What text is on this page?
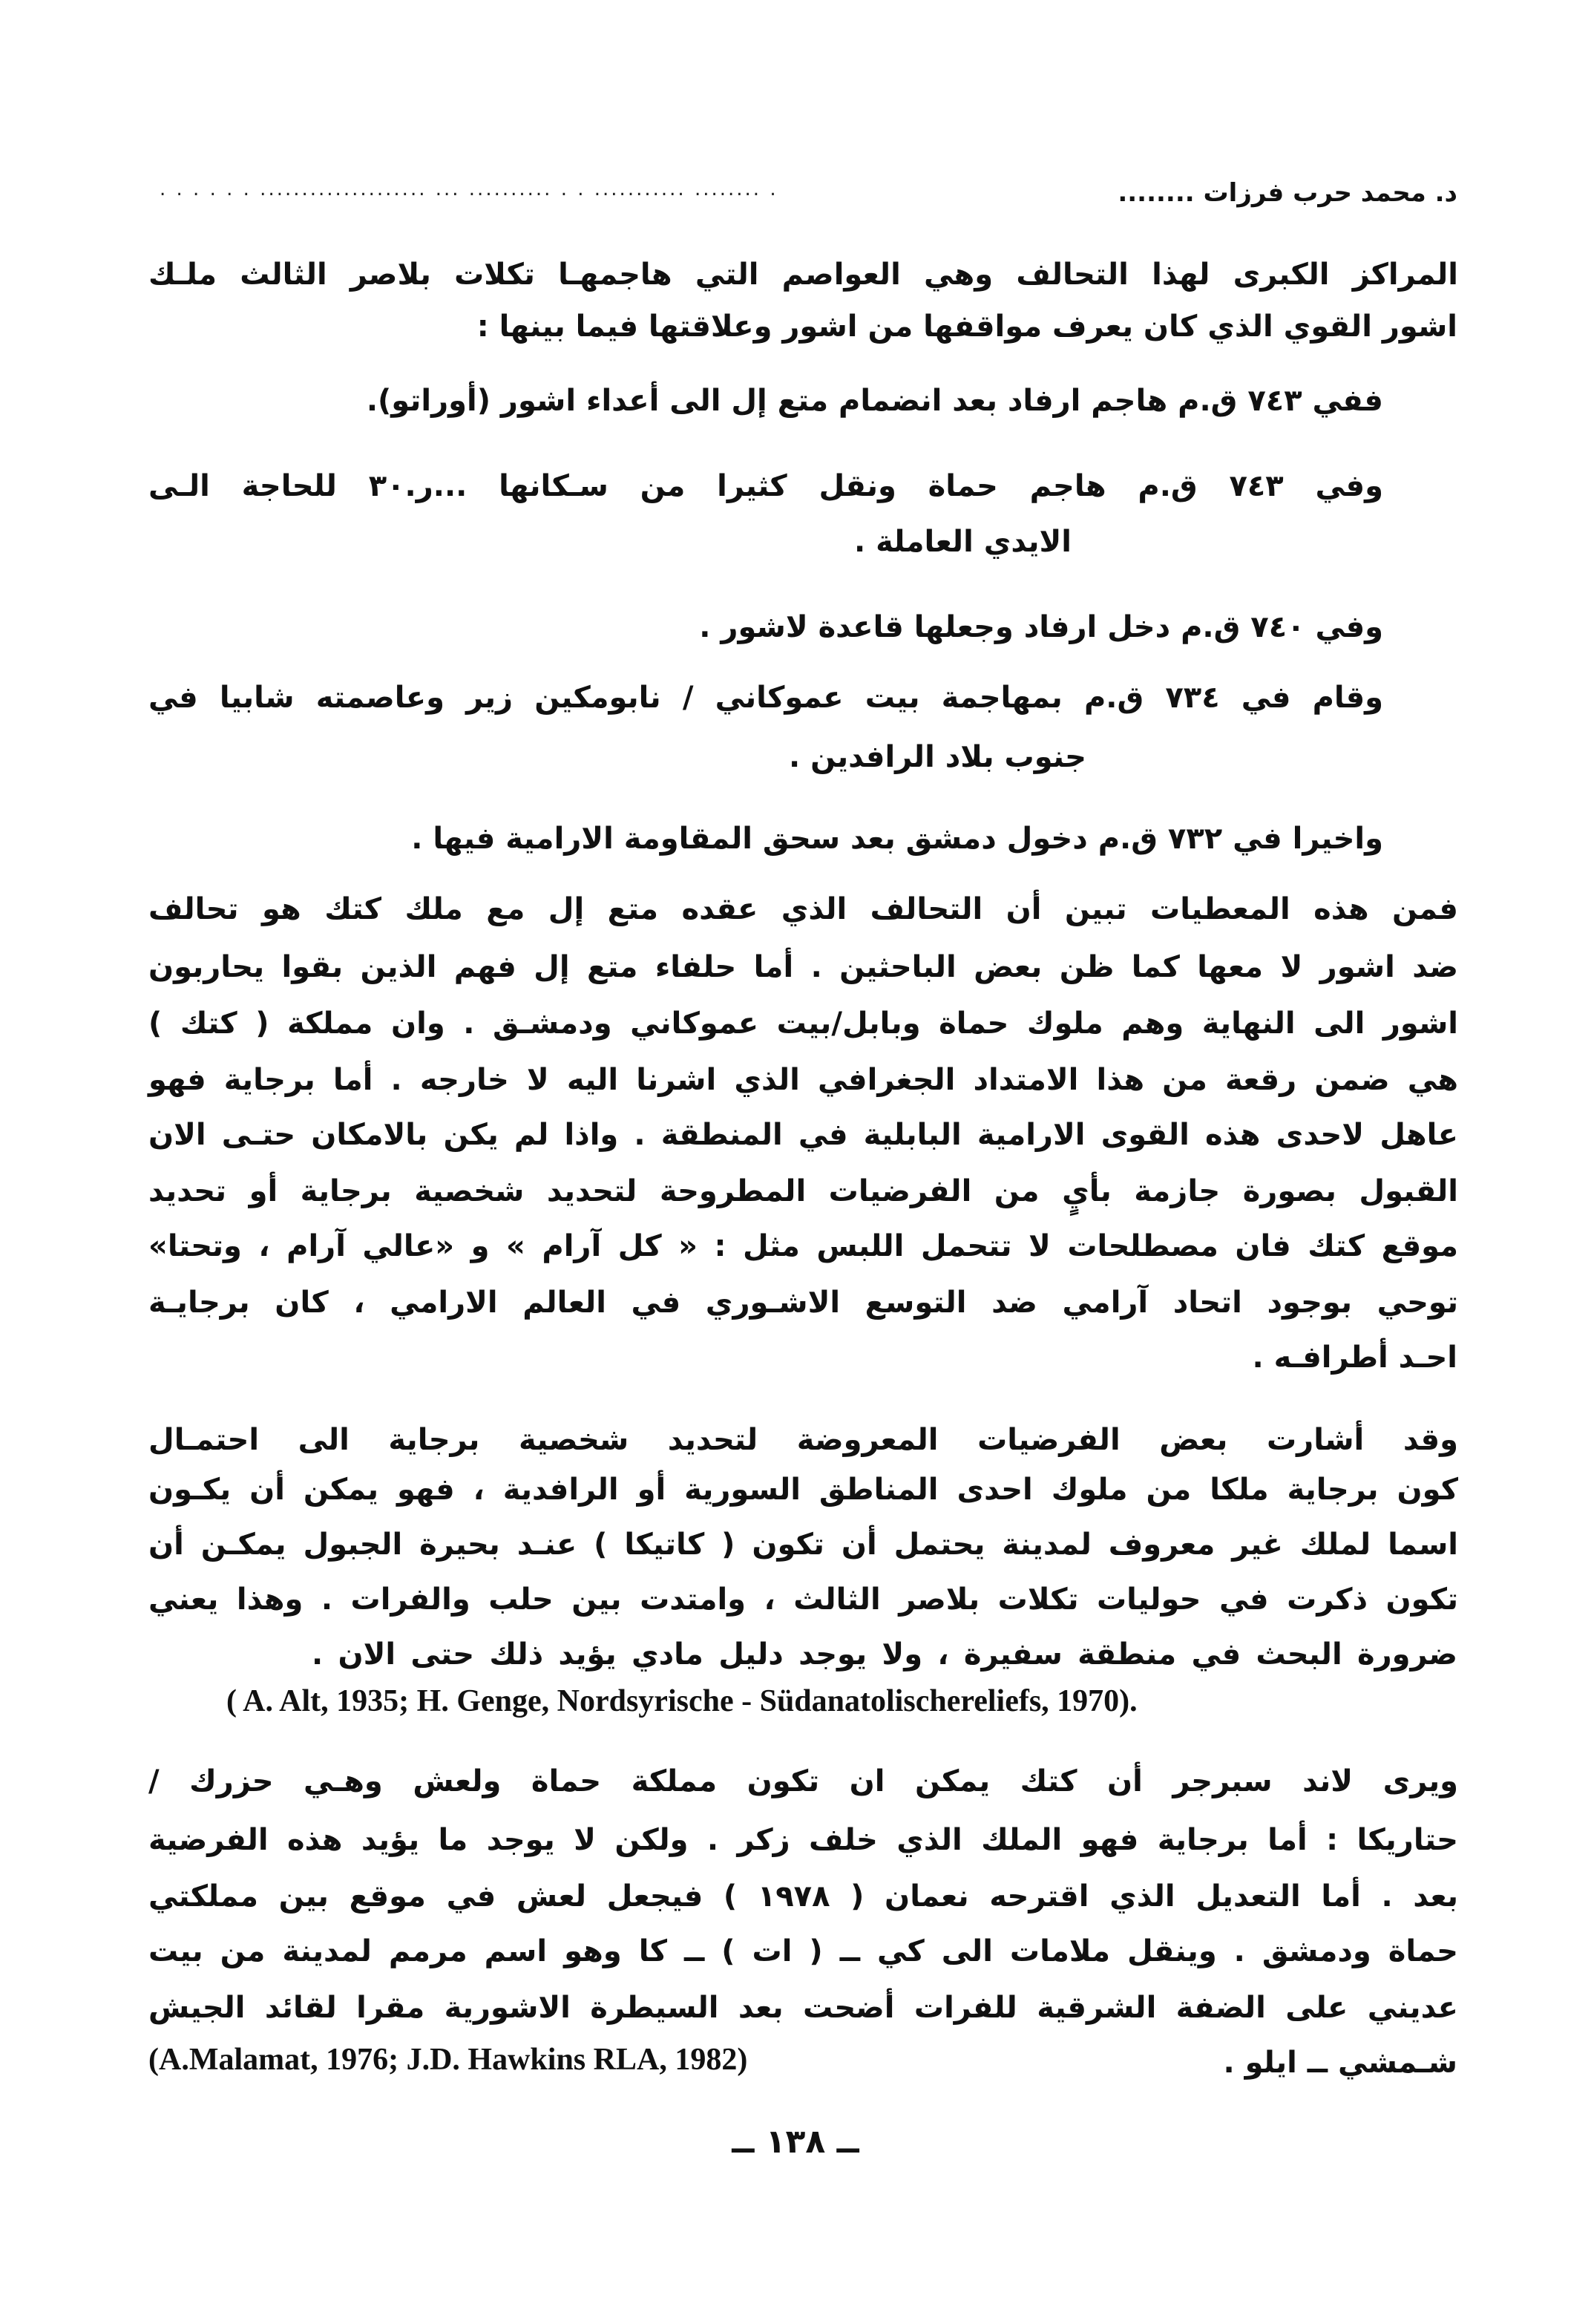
. . . . . . .................... ... .......... . . ........... ........ .	د. محمد حرب فرزات ........
المراكز الكبرى لهذا التحالف وهي العواصم التي هاجمهـا تكلات بلاصر الثالث ملـك
اشور القوي الذي كان يعرف مواقفها من اشور وعلاقتها فيما بينها :
ففي ٧٤٣ ق.م هاجم ارفاد بعد انضمام متع إل الى أعداء اشور (أوراتو).
وفي ٧٤٣ ق.م هاجم حماة ونقل كثيرا من سـكانها ...ر.٣٠ للحاجة الـى
الايدي العاملة .
وفي ٧٤٠ ق.م دخل ارفاد وجعلها قاعدة لاشور .
وقام في ٧٣٤ ق.م بمهاجمة بيت عموكاني / نابومكين زير وعاصمته شابيا في
جنوب بلاد الرافدين .
واخيرا في ٧٣٢ ق.م دخول دمشق بعد سحق المقاومة الارامية فيها .
فمن هذه المعطيات تبين أن التحالف الذي عقده متع إل مع ملك كتك هو تحالف
ضد اشور لا معها كما ظن بعض الباحثين . أما حلفاء متع إل فهم الذين بقوا يحاربون
اشور الى النهاية وهم ملوك حماة وبابل/بيت عموكاني ودمشـق . وان مملكة ( كتك )
هي ضمن رقعة من هذا الامتداد الجغرافي الذي اشرنا اليه لا خارجه . أما برجاية فهو
عاهل لاحدى هذه القوى الارامية البابلية في المنطقة . واذا لم يكن بالامكان حتـى الان
القبول بصورة جازمة بأيٍ من الفرضيات المطروحة لتحديد شخصية برجاية أو تحديد
موقع كتك فان مصطلحات لا تتحمل اللبس مثل : « كل آرام » و «عالي آرام ، وتحتا»
توحي بوجود اتحاد آرامي ضد التوسع الاشـوري في العالم الارامي ، كان برجايـة
احـد أطرافـه .
وقد أشارت بعض الفرضيات المعروضة لتحديد شخصية برجاية الى احتمـال
كون برجاية ملكا من ملوك احدى المناطق السورية أو الرافدية ، فهو يمكن أن يكـون
اسما لملك غير معروف لمدينة يحتمل أن تكون ( كاتيكا ) عنـد بحيرة الجبول يمكـن أن
تكون ذكرت في حوليات تكلات بلاصر الثالث ، وامتدت بين حلب والفرات . وهذا يعني
ضرورة البحث في منطقة سفيرة ، ولا يوجد دليل مادي يؤيد ذلك حتى الان .
( A. Alt, 1935; H. Genge, Nordsyrische - Südanatolischereliefs, 1970).
ويرى لاند سبرجر أن كتك يمكن ان تكون مملكة حماة ولعش وهـي حزرك /
حتاريكا : أما برجاية فهو الملك الذي خلف زكر . ولكن لا يوجد ما يؤيد هذه الفرضية
بعد . أما التعديل الذي اقترحه نعمان ( ١٩٧٨ ) فيجعل لعش في موقع بين مملكتي
حماة ودمشق . وينقل ملامات الى كي ــ ( ات ) ــ كا وهو اسم مرمم لمدينة من بيت
عديني على الضفة الشرقية للفرات أضحت بعد السيطرة الاشورية مقرا لقائد الجيش
شـمشي ــ ايلو .
(A.Malamat, 1976; J.D. Hawkins RLA, 1982)
ــ ١٣٨ ــ
